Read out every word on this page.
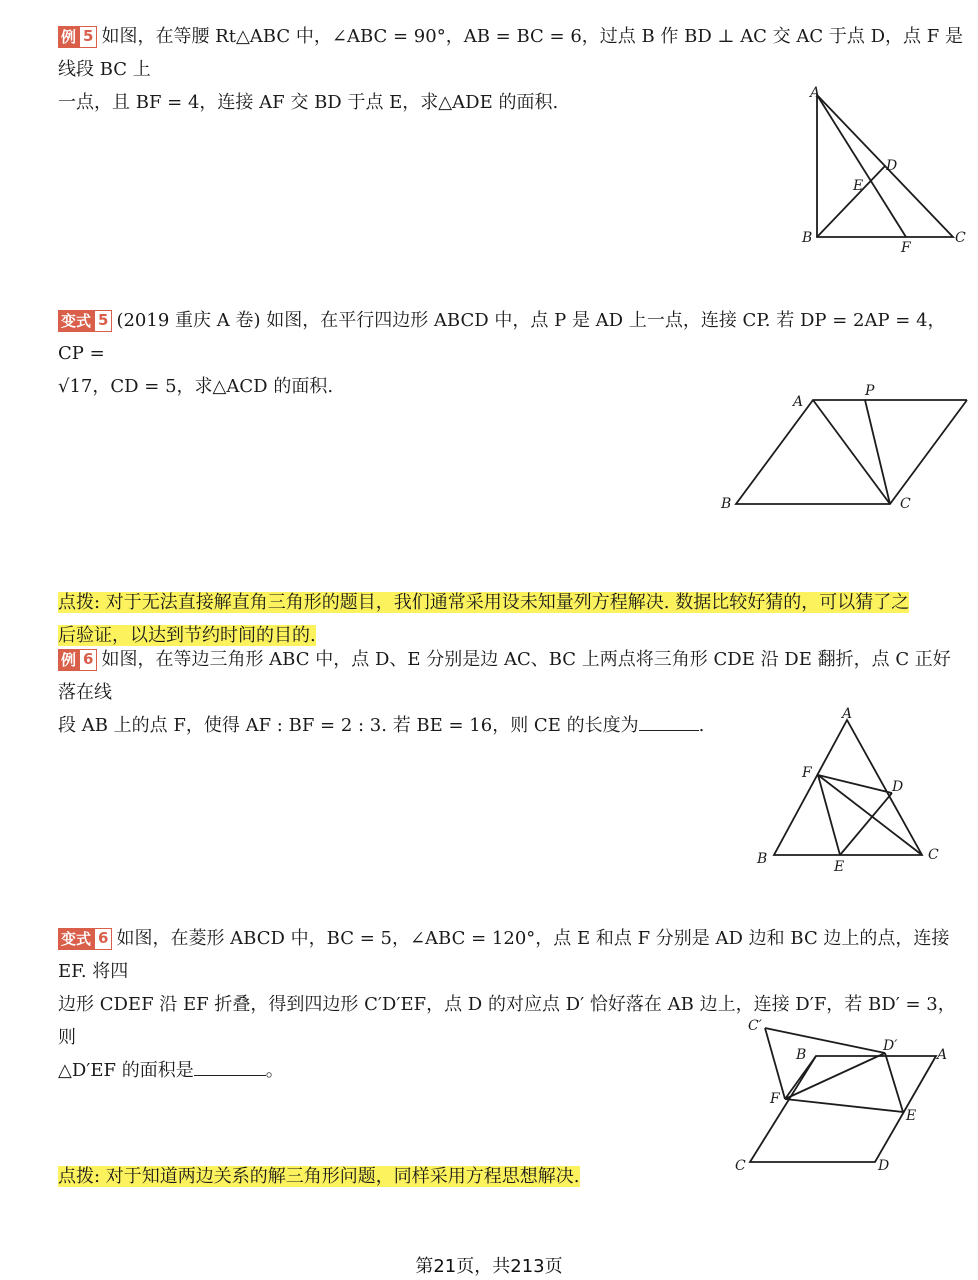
例 5 如图，在等腰 Rt△ABC 中，∠ABC = 90°，AB = BC = 6，过点 B 作 BD ⊥ AC 交 AC 于点 D，点 F 是线段 BC 上
一点，且 BF = 4，连接 AF 交 BD 于点 E，求△ADE 的面积.	A
B	C
D
E
F
变式 5 (2019 重庆 A 卷) 如图，在平行四边形 ABCD 中，点 P 是 AD 上一点，连接 CP. 若 DP = 2AP = 4，CP =
√17，CD = 5，求△ACD 的面积.
A
P
B	C
点拨: 对于无法直接解直角三角形的题目，我们通常采用设未知量列方程解决. 数据比较好猜的，可以猜了之
后验证，以达到节约时间的目的.
例 6 如图，在等边三角形 ABC 中，点 D、E 分别是边 AC、BC 上两点将三角形 CDE 沿 DE 翻折，点 C 正好落在线
段 AB 上的点 F，使得 AF : BF = 2 : 3. 若 BE = 16，则 CE 的长度为	.
A
F
D
B	E
C
变式 6 如图，在菱形 ABCD 中，BC = 5，∠ABC = 120°，点 E 和点 F 分别是 AD 边和 BC 边上的点，连接 EF. 将四
边形 CDEF 沿 EF 折叠，得到四边形 C′D′EF，点 D 的对应点 D′ 恰好落在 AB 边上，连接 D′F，若 BD′ = 3，则
△D′EF 的面积是	。
C′
B
D′
A
F
E
C	D
点拨: 对于知道两边关系的解三角形问题，同样采用方程思想解决.
第21页，共213页
